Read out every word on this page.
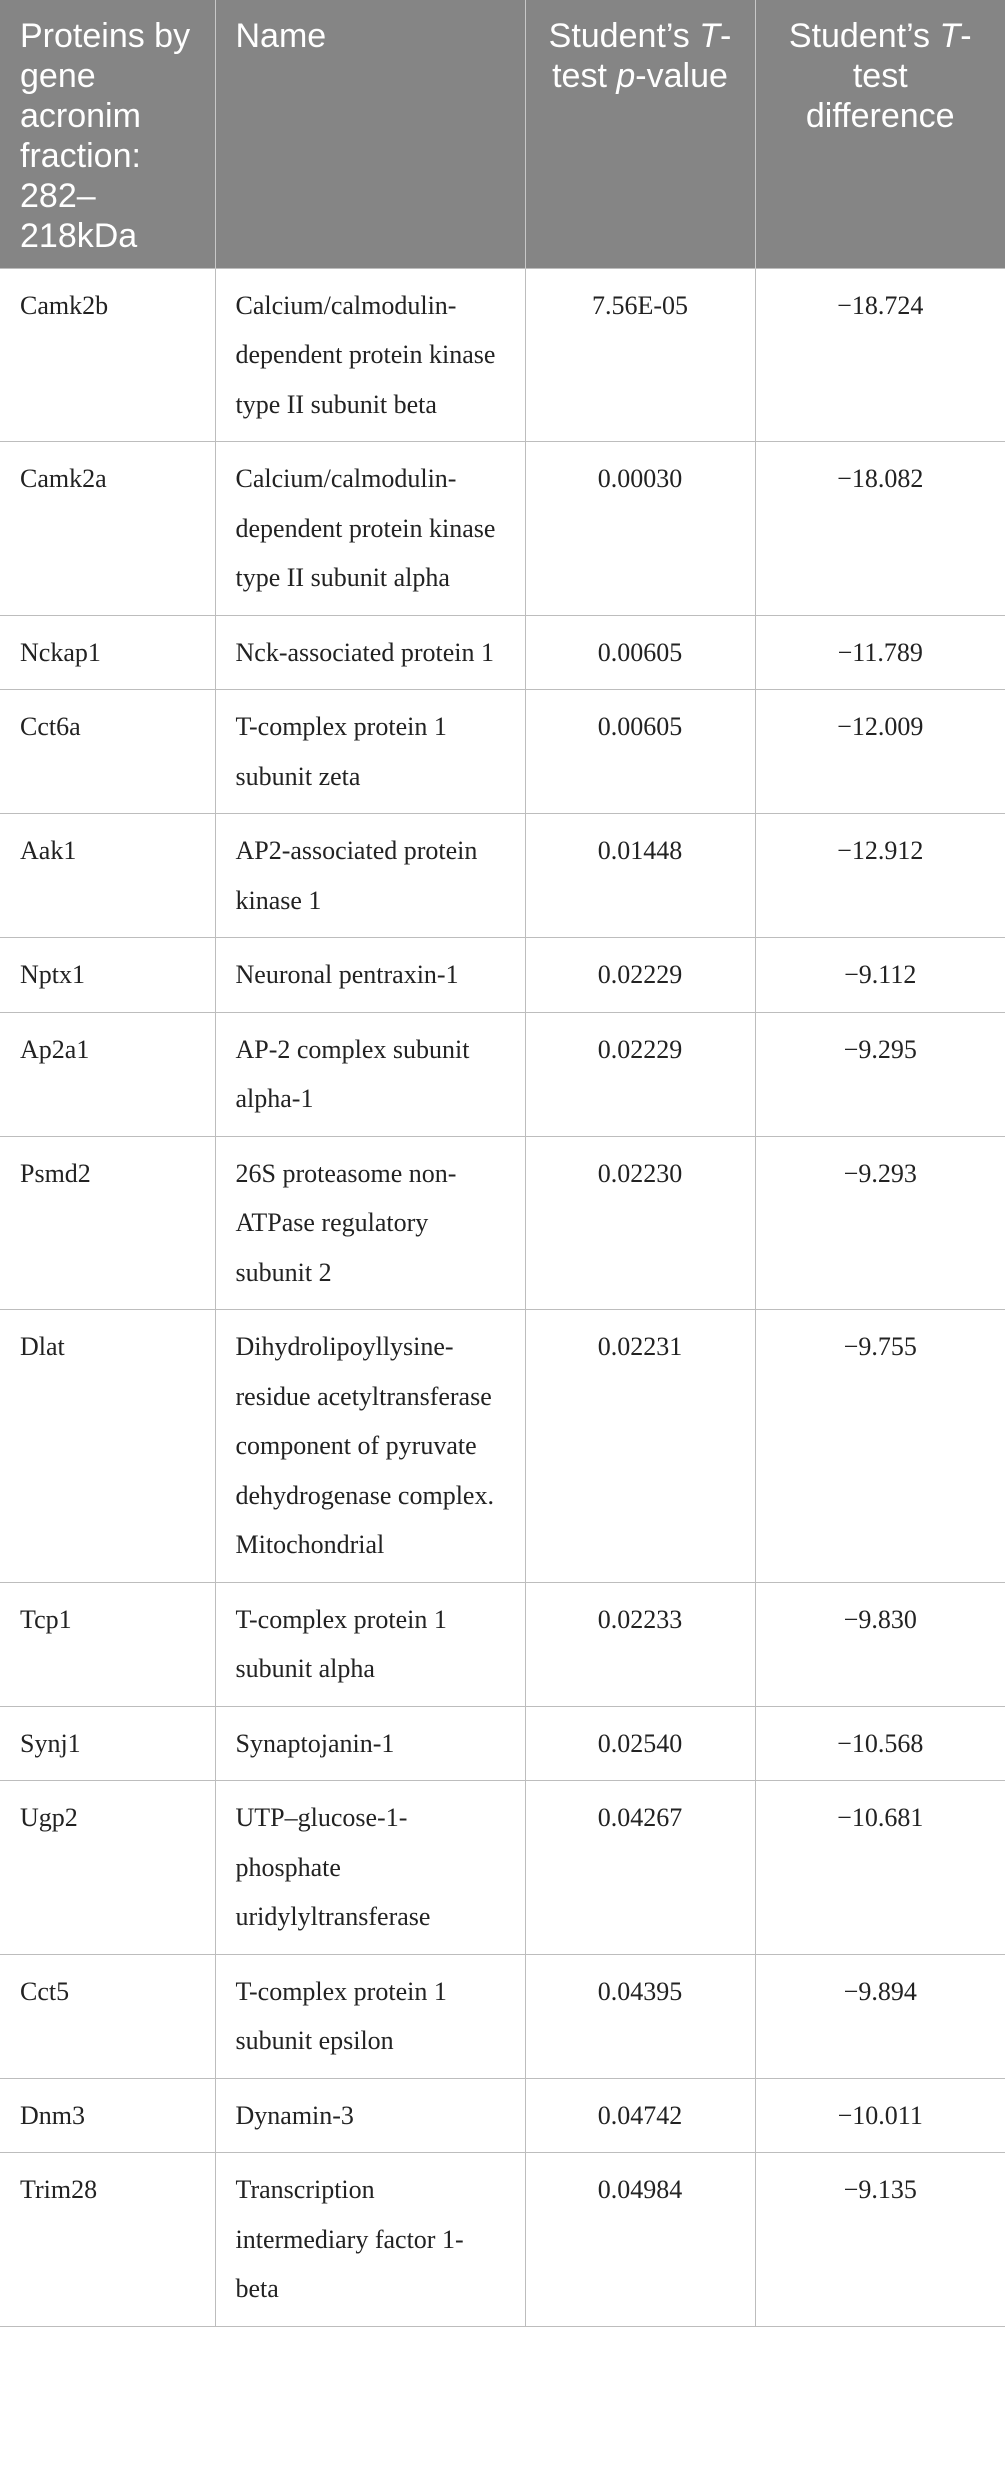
Proteins by gene acronim fraction: 282–218kDa	Name	Student’s T-test p-value	Student’s T-test difference
Camk2b	Calcium/calmodulin-dependent protein kinase type II subunit beta	7.56E-05	−18.724
Camk2a	Calcium/calmodulin-dependent protein kinase type II subunit alpha	0.00030	−18.082
Nckap1	Nck-associated protein 1	0.00605	−11.789
Cct6a	T-complex protein 1 subunit zeta	0.00605	−12.009
Aak1	AP2-associated protein kinase 1	0.01448	−12.912
Nptx1	Neuronal pentraxin-1	0.02229	−9.112
Ap2a1	AP-2 complex subunit alpha-1	0.02229	−9.295
Psmd2	26S proteasome non-ATPase regulatory subunit 2	0.02230	−9.293
Dlat	Dihydrolipoyllysine-residue acetyltransferase component of pyruvate dehydrogenase complex. Mitochondrial	0.02231	−9.755
Tcp1	T-complex protein 1 subunit alpha	0.02233	−9.830
Synj1	Synaptojanin-1	0.02540	−10.568
Ugp2	UTP–glucose-1-phosphate uridylyltransferase	0.04267	−10.681
Cct5	T-complex protein 1 subunit epsilon	0.04395	−9.894
Dnm3	Dynamin-3	0.04742	−10.011
Trim28	Transcription intermediary factor 1-beta	0.04984	−9.135
